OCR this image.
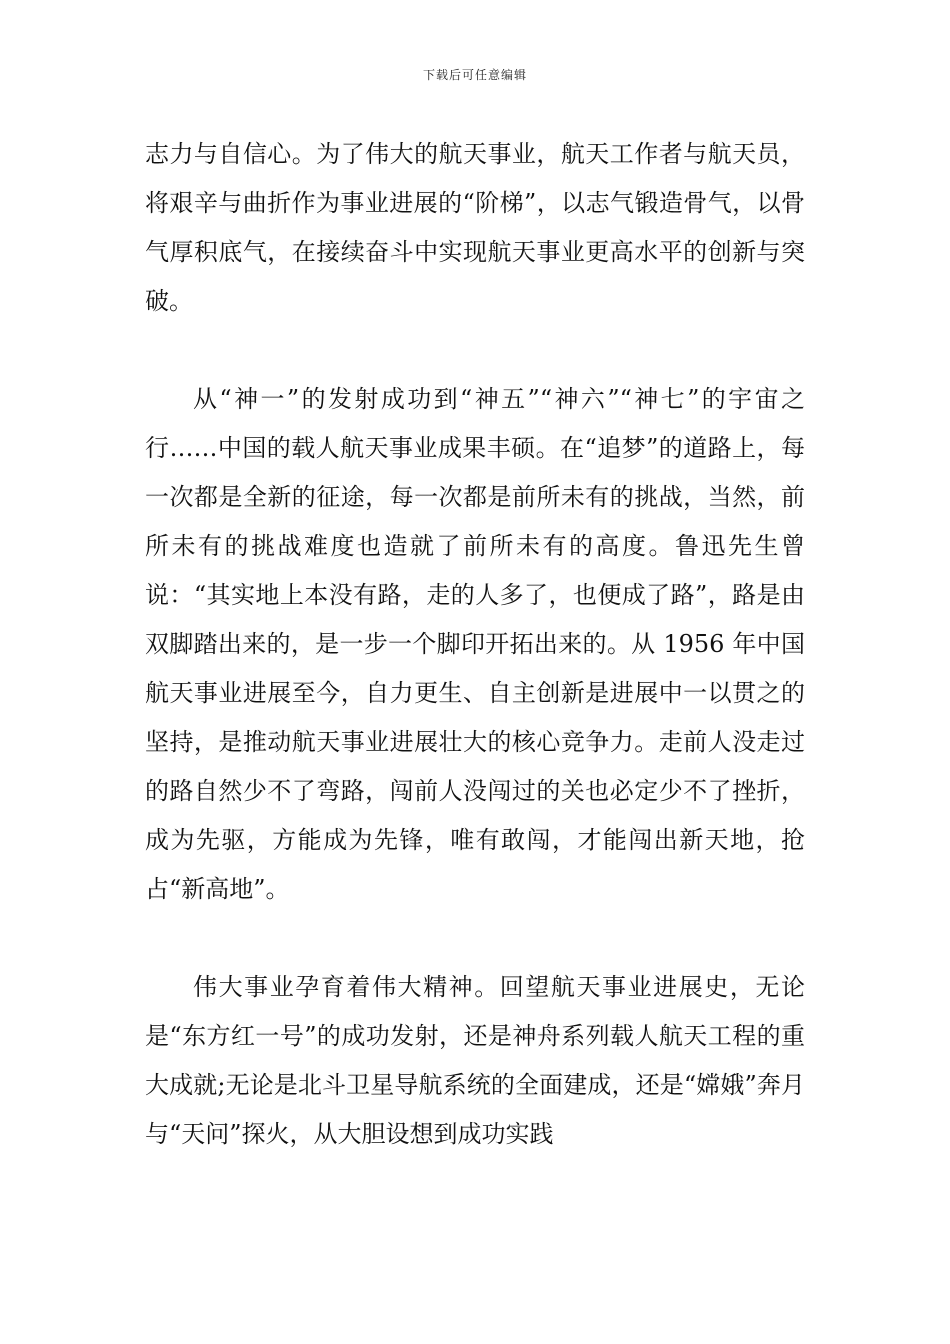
下载后可任意编辑

志力与自信心。为了伟大的航天事业，航天工作者与航天员，将艰辛与曲折作为事业进展的“阶梯”，以志气锻造骨气，以骨气厚积底气，在接续奋斗中实现航天事业更高水平的创新与突破。

从“神一”的发射成功到“神五”“神六”“神七”的宇宙之行……中国的载人航天事业成果丰硕。在“追梦”的道路上，每一次都是全新的征途，每一次都是前所未有的挑战，当然，前所未有的挑战难度也造就了前所未有的高度。鲁迅先生曾说：“其实地上本没有路，走的人多了，也便成了路”，路是由双脚踏出来的，是一步一个脚印开拓出来的。从 1956 年中国航天事业进展至今，自力更生、自主创新是进展中一以贯之的坚持，是推动航天事业进展壮大的核心竞争力。走前人没走过的路自然少不了弯路，闯前人没闯过的关也必定少不了挫折，成为先驱，方能成为先锋，唯有敢闯，才能闯出新天地，抢占“新高地”。

伟大事业孕育着伟大精神。回望航天事业进展史，无论是“东方红一号”的成功发射，还是神舟系列载人航天工程的重大成就;无论是北斗卫星导航系统的全面建成，还是“嫦娥”奔月与“天问”探火，从大胆设想到成功实践
